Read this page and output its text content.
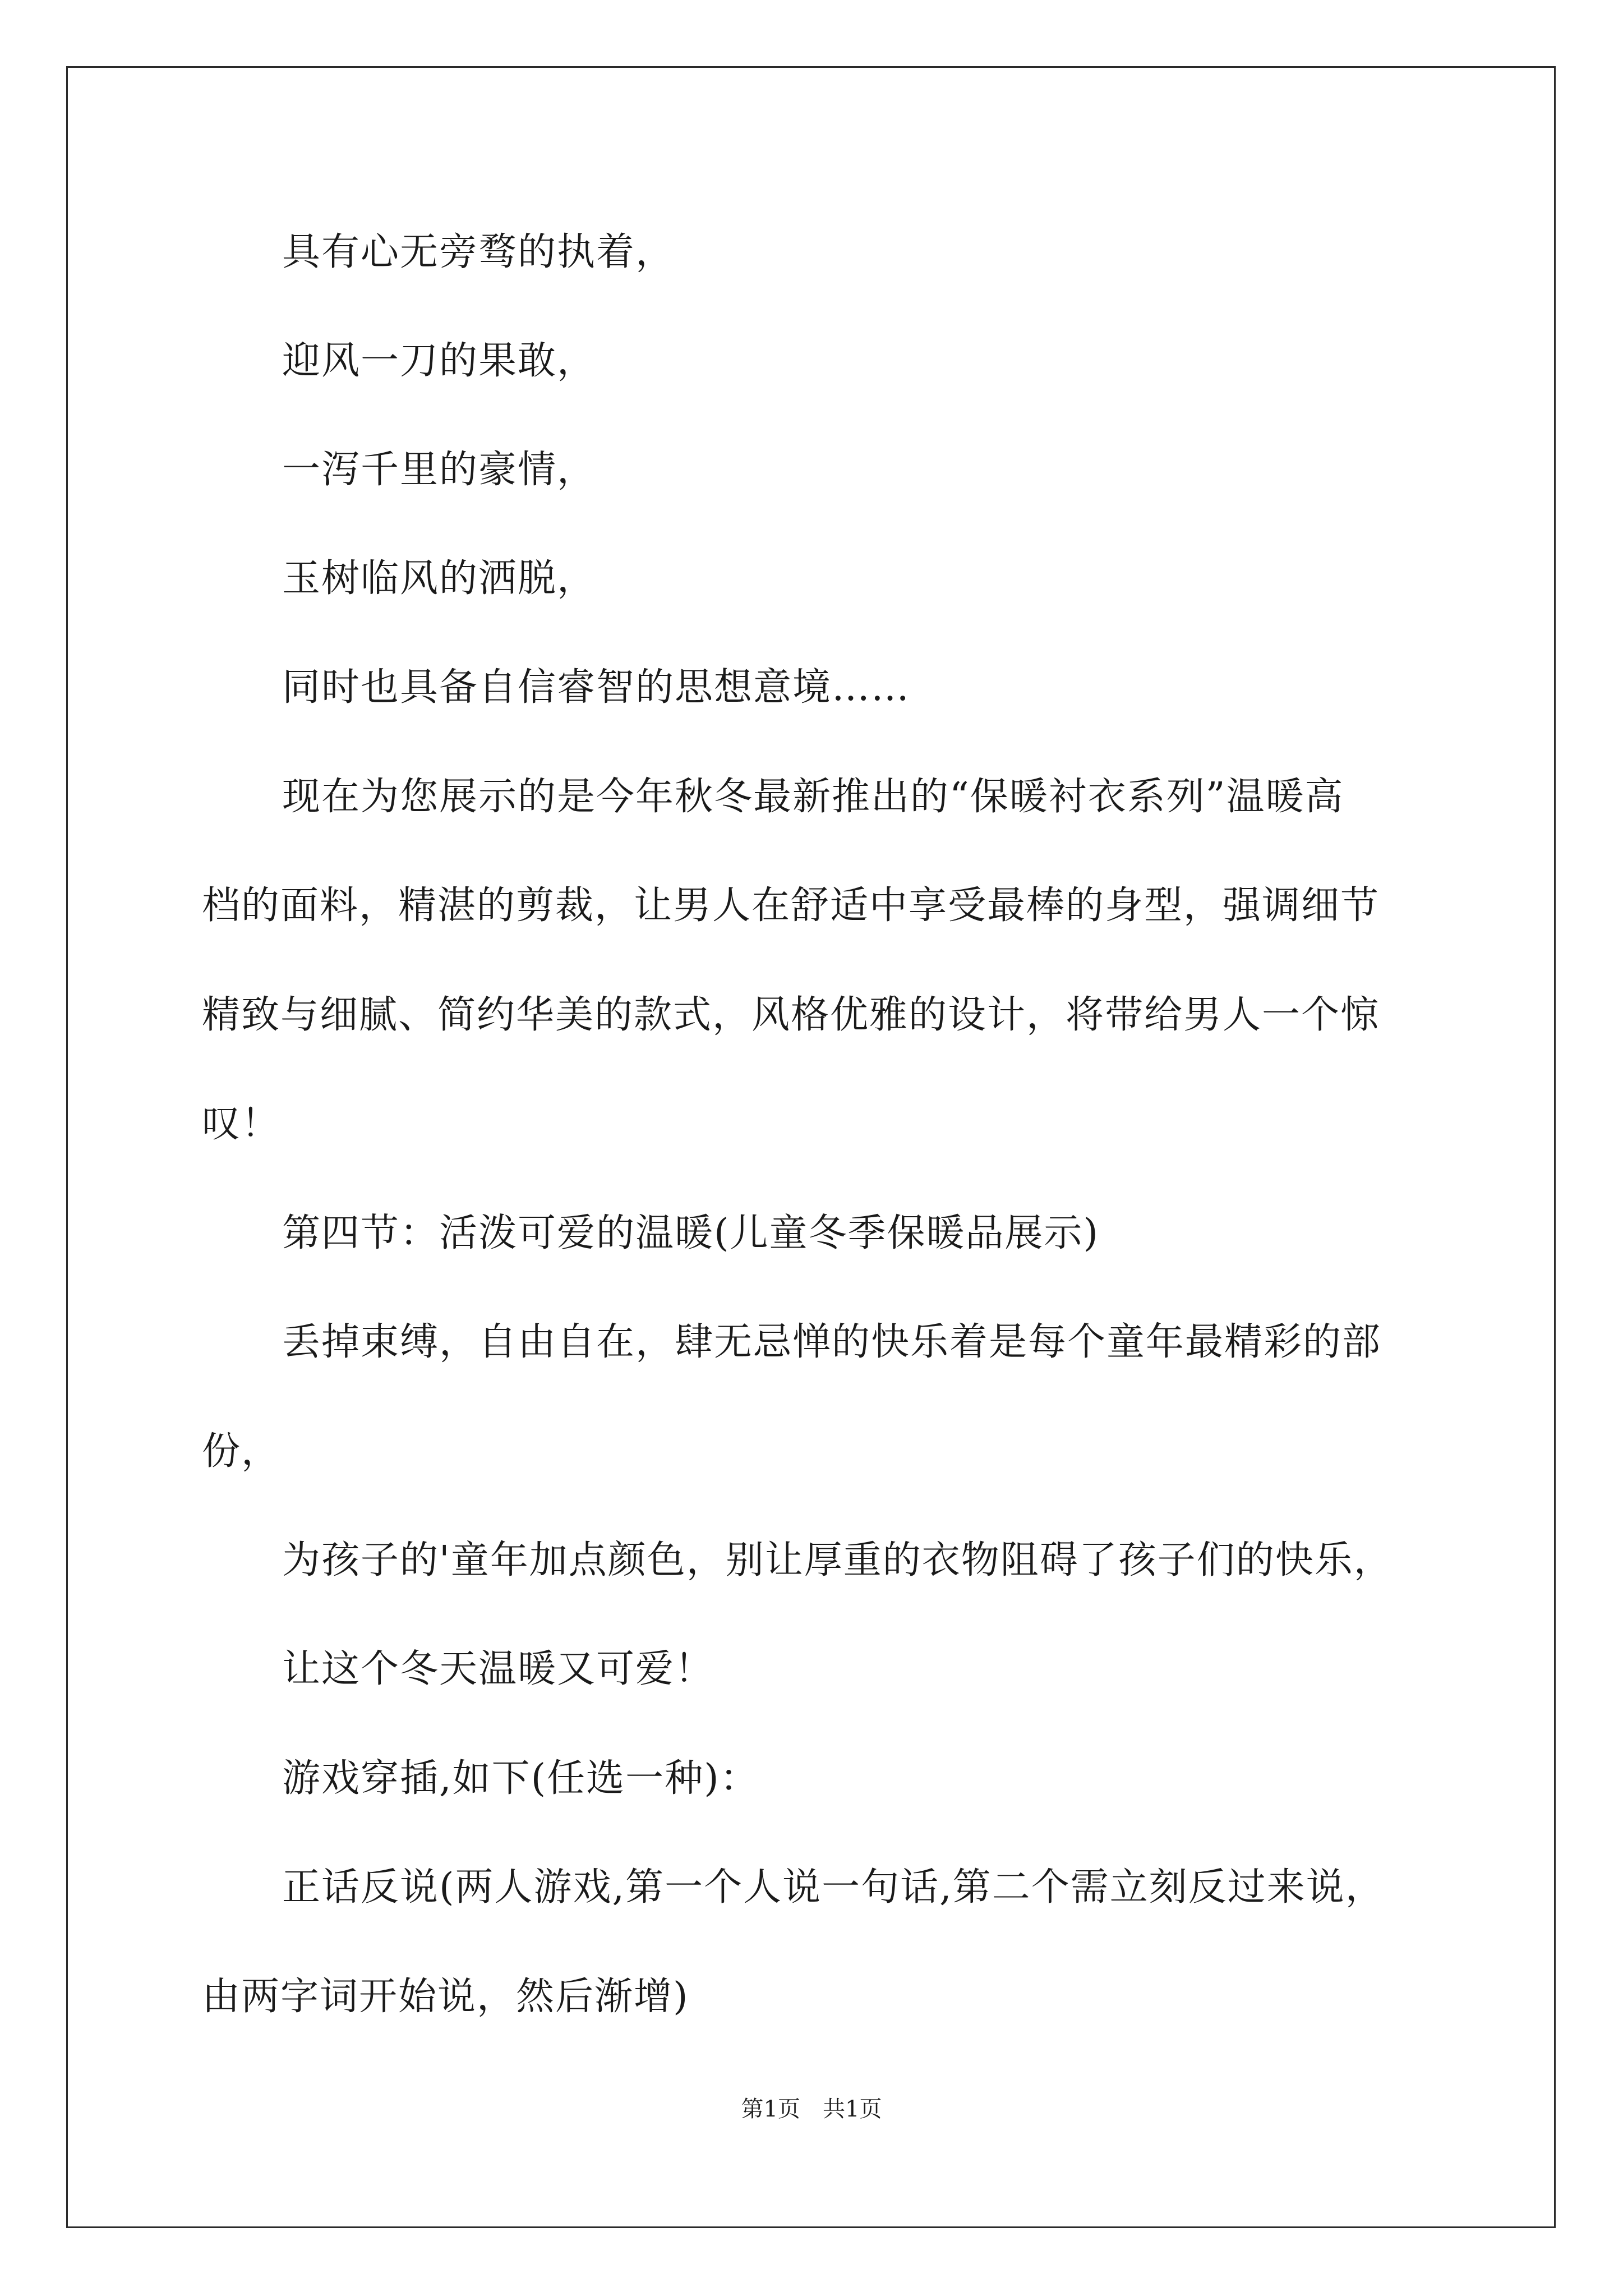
具有心无旁骛的执着，
迎风一刀的果敢，
一泻千里的豪情，
玉树临风的洒脱，
同时也具备自信睿智的思想意境……
现在为您展示的是今年秋冬最新推出的“保暖衬衣系列”温暖高
档的面料，精湛的剪裁，让男人在舒适中享受最棒的身型，强调细节
精致与细腻、简约华美的款式，风格优雅的设计，将带给男人一个惊
叹！
第四节：活泼可爱的温暖(儿童冬季保暖品展示)
丢掉束缚，自由自在，肆无忌惮的快乐着是每个童年最精彩的部
份，
为孩子的'童年加点颜色，别让厚重的衣物阻碍了孩子们的快乐，
让这个冬天温暖又可爱！
游戏穿插,如下(任选一种)：
正话反说(两人游戏,第一个人说一句话,第二个需立刻反过来说，
由两字词开始说，然后渐增)
第1页　共1页
